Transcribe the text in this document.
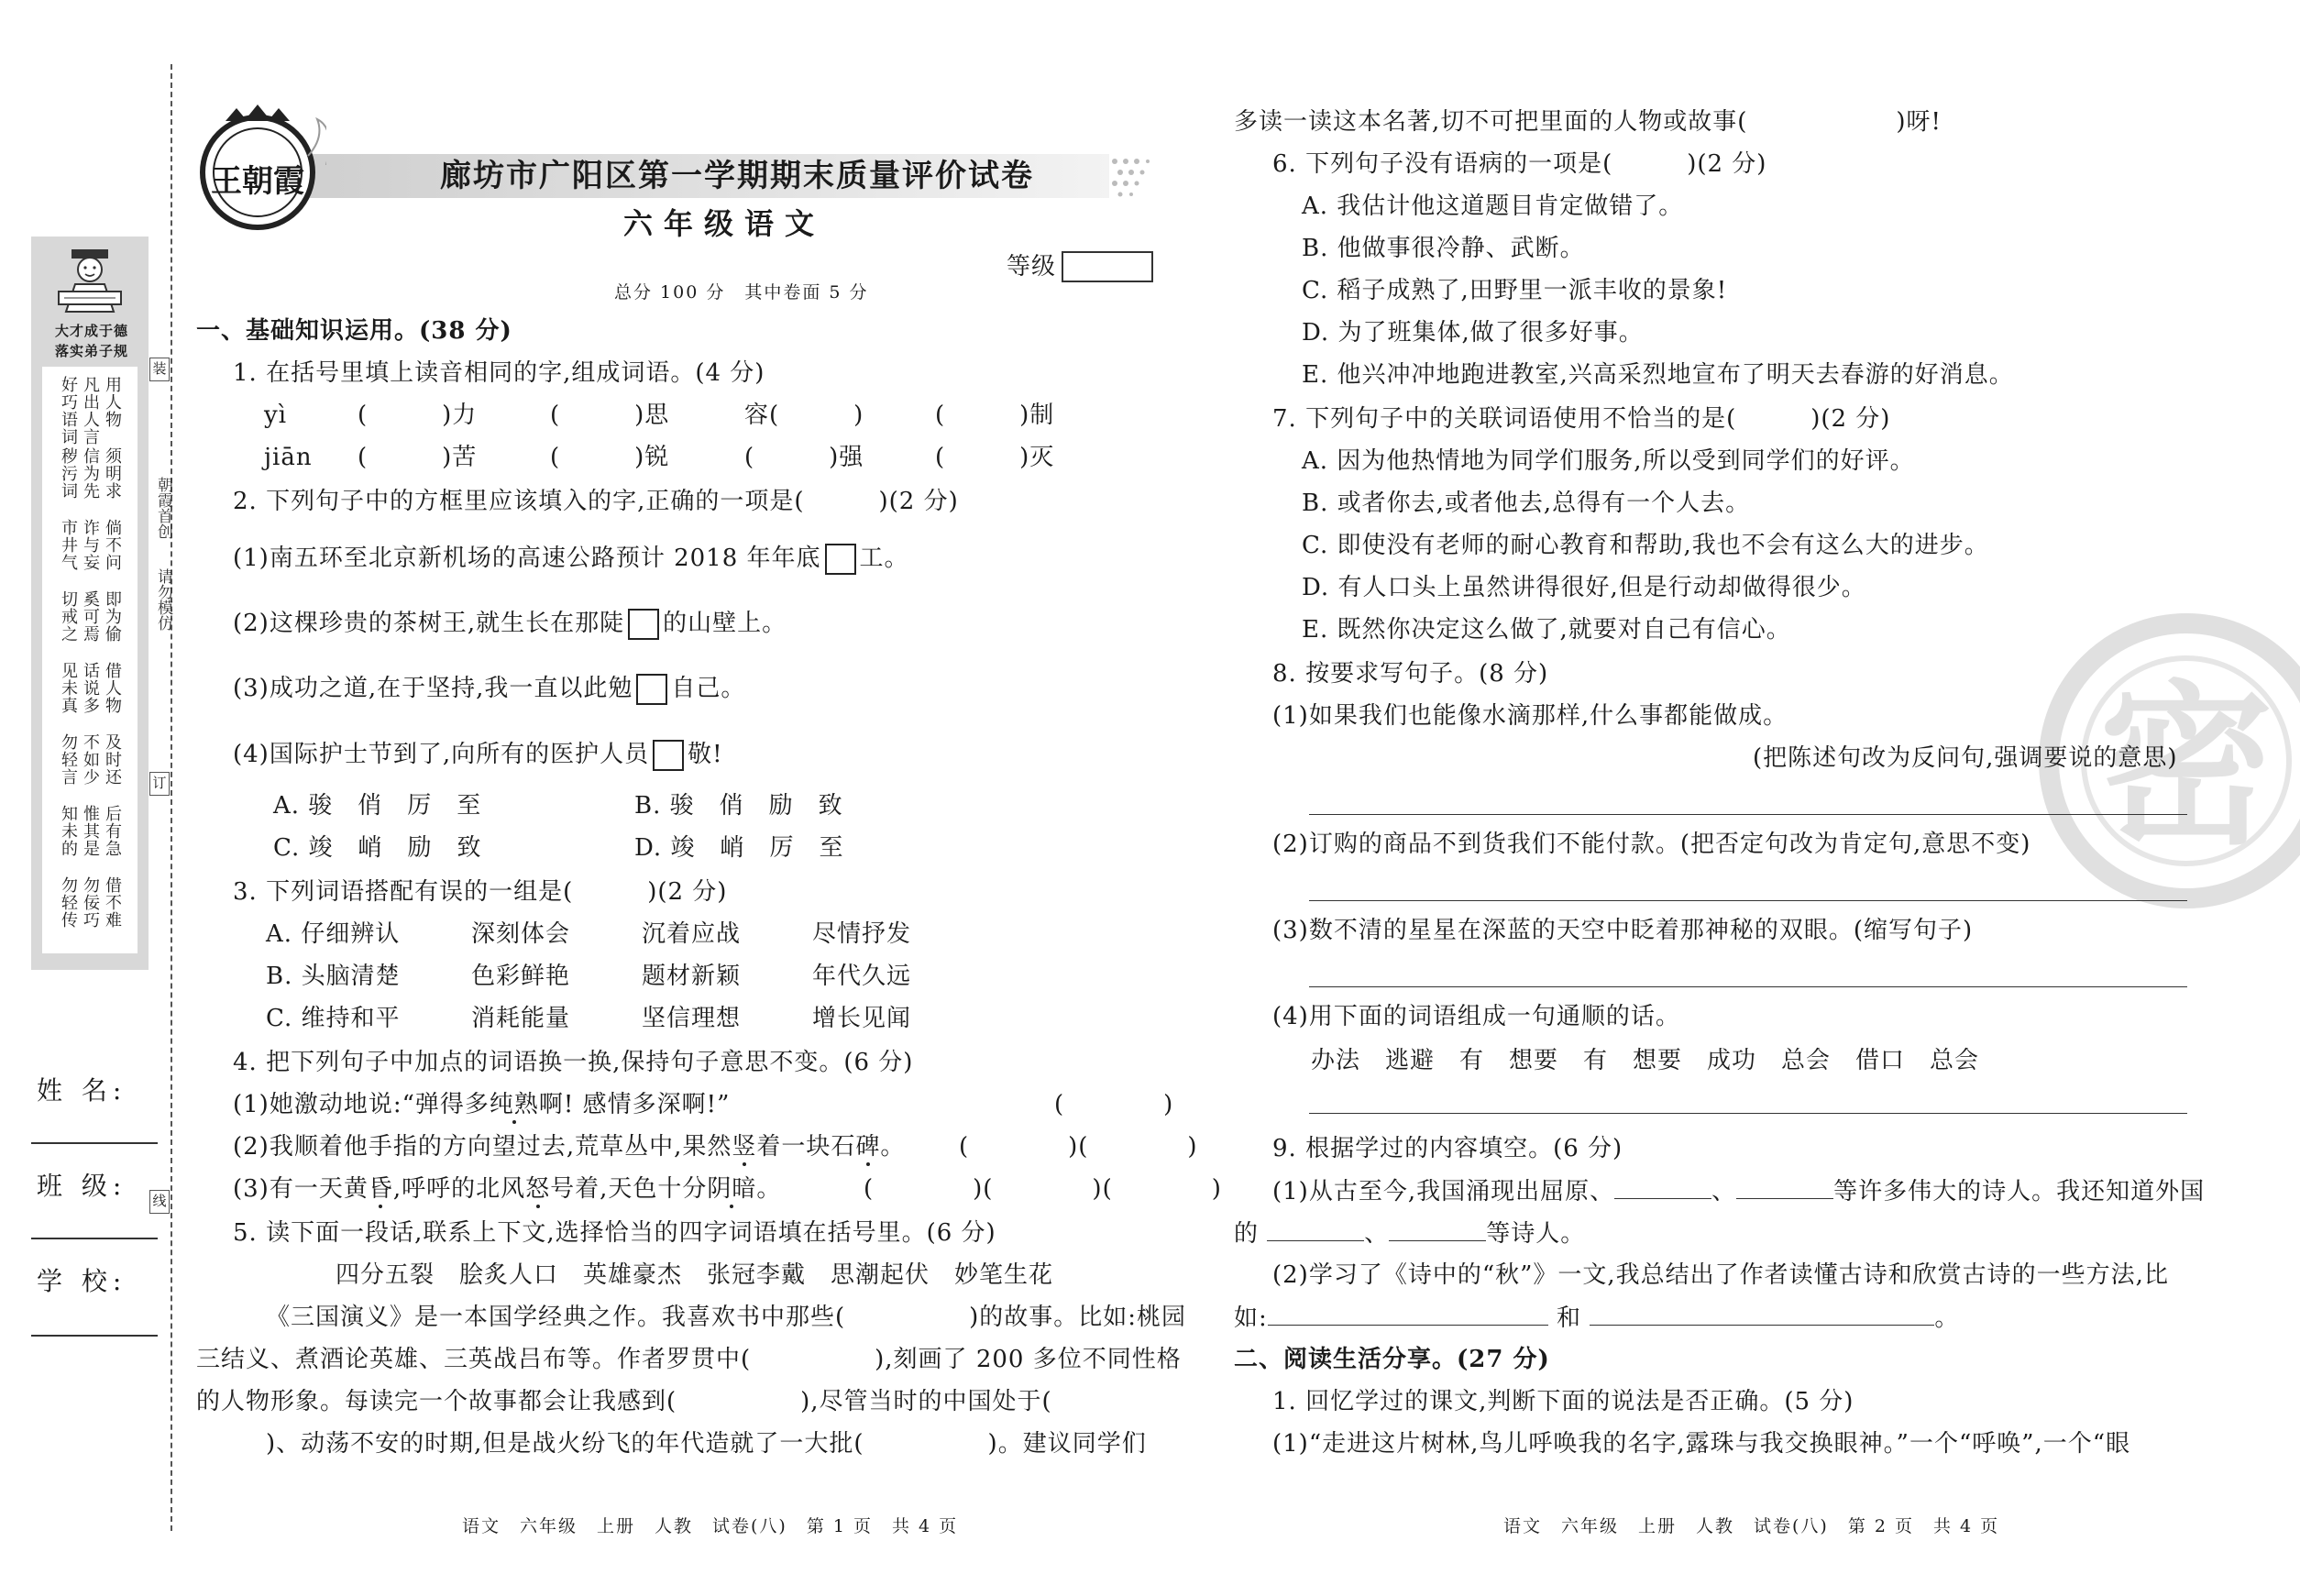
装
朝霞首创
请勿模仿
订
线
大才成于德
落实弟子规
好巧语词 凡出人言 用人物
秽污词 信为先 须明求
市井气 诈与妄 倘不问
切戒之 奚可焉 即为偷
见未真 话说多 借人物
勿轻言 不如少 及时还
知未的 惟其是 后有急
勿轻传 勿佞巧 借不难
姓 名:
班 级:
学 校:
王朝霞	廊坊市广阳区第一学期期末质量评价试卷
六年级语文
等级
总分 100 分　其中卷面 5 分
一、基础知识运用。(38 分)
1. 在括号里填上读音相同的字,组成词语。(4 分)
yì	(　　　)力	(　　　)思	容(　　　)	(　　　)制
jiān (　　　)苦	(　　　)锐	(　　　)强	(　　　)灭
2. 下列句子中的方框里应该填入的字,正确的一项是(　　　)(2 分)
(1)南五环至北京新机场的高速公路预计 2018 年年底 工。
(2)这棵珍贵的茶树王,就生长在那陡 的山壁上。
(3)成功之道,在于坚持,我一直以此勉 自己。
(4)国际护士节到了,向所有的医护人员 敬!
A. 骏　俏　厉　至	B. 骏　俏　励　致
C. 竣　峭　励　致	D. 竣　峭　厉　至
3. 下列词语搭配有误的一组是(　　　)(2 分)
A. 仔细辨认	深刻体会	沉着应战	尽情抒发
B. 头脑清楚	色彩鲜艳	题材新颖	年代久远
C. 维持和平	消耗能量	坚信理想	增长见闻
4. 把下列句子中加点的词语换一换,保持句子意思不变。(6 分)
(1)她激动地说:“弹得多纯熟啊! 感情多深啊!”	(　　　　)
(2)我顺着他手指的方向望过去,荒草丛中,果然竖着一块石碑。 (　　　　)(　　　　)
(3)有一天黄昏,呼呼的北风怒号着,天色十分阴暗。	(　　　　)(　　　　)(　　　　)
5. 读下面一段话,联系上下文,选择恰当的四字词语填在括号里。(6 分)
四分五裂　脍炙人口　英雄豪杰　张冠李戴　思潮起伏　妙笔生花
《三国演义》是一本国学经典之作。我喜欢书中那些(　　　　　)的故事。比如:桃园
三结义、煮酒论英雄、三英战吕布等。作者罗贯中(　　　　　),刻画了 200 多位不同性格
的人物形象。每读完一个故事都会让我感到(　　　　　),尽管当时的中国处于(
)、动荡不安的时期,但是战火纷飞的年代造就了一大批(　　　　　)。建议同学们
语文　六年级　上册　人教　试卷(八)　第 1 页　共 4 页
密
多读一读这本名著,切不可把里面的人物或故事(　　　　　　)呀!
6. 下列句子没有语病的一项是(　　　)(2 分)
A. 我估计他这道题目肯定做错了。
B. 他做事很冷静、武断。
C. 稻子成熟了,田野里一派丰收的景象!
D. 为了班集体,做了很多好事。
E. 他兴冲冲地跑进教室,兴高采烈地宣布了明天去春游的好消息。
7. 下列句子中的关联词语使用不恰当的是(　　　)(2 分)
A. 因为他热情地为同学们服务,所以受到同学们的好评。
B. 或者你去,或者他去,总得有一个人去。
C. 即使没有老师的耐心教育和帮助,我也不会有这么大的进步。
D. 有人口头上虽然讲得很好,但是行动却做得很少。
E. 既然你决定这么做了,就要对自己有信心。
8. 按要求写句子。(8 分)
(1)如果我们也能像水滴那样,什么事都能做成。
(把陈述句改为反问句,强调要说的意思)
(2)订购的商品不到货我们不能付款。(把否定句改为肯定句,意思不变)
(3)数不清的星星在深蓝的天空中眨着那神秘的双眼。(缩写句子)
(4)用下面的词语组成一句通顺的话。
办法　逃避　有　想要　有　想要　成功　总会　借口　总会
9. 根据学过的内容填空。(6 分)
(1)从古至今,我国涌现出屈原、	、	等许多伟大的诗人。我还知道外国
的	、	等诗人。
(2)学习了《诗中的“秋”》一文,我总结出了作者读懂古诗和欣赏古诗的一些方法,比
如:	和	。
二、阅读生活分享。(27 分)
1. 回忆学过的课文,判断下面的说法是否正确。(5 分)
(1)“走进这片树林,鸟儿呼唤我的名字,露珠与我交换眼神。”一个“呼唤”,一个“眼
语文　六年级　上册　人教　试卷(八)　第 2 页　共 4 页
